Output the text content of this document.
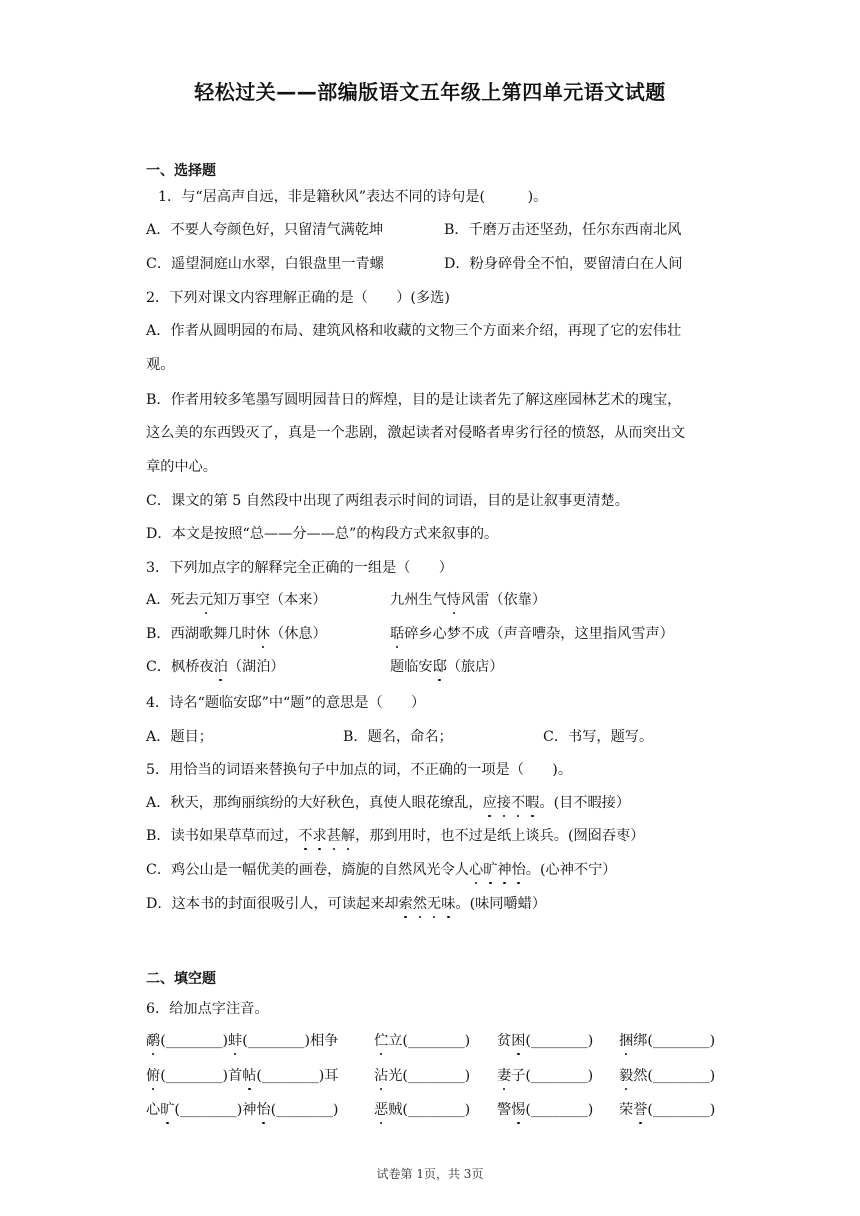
轻松过关——部编版语文五年级上第四单元语文试题
一、选择题
1．与“居高声自远，非是籍秋风”表达不同的诗句是(　　　)。
A．不要人夸颜色好，只留清气满乾坤	B．千磨万击还坚劲，任尔东西南北风
C．遥望洞庭山水翠，白银盘里一青螺	D．粉身碎骨全不怕，要留清白在人间
2．下列对课文内容理解正确的是（　　）(多选)
A．作者从圆明园的布局、建筑风格和收藏的文物三个方面来介绍，再现了它的宏伟壮
观。
B．作者用较多笔墨写圆明园昔日的辉煌，目的是让读者先了解这座园林艺术的瑰宝，
这么美的东西毁灭了，真是一个悲剧，激起读者对侵略者卑劣行径的愤怒，从而突出文
章的中心。
C．课文的第 5 自然段中出现了两组表示时间的词语，目的是让叙事更清楚。
D．本文是按照“总——分——总”的构段方式来叙事的。
3．下列加点字的解释完全正确的一组是（　　）
A．死去元知万事空（本来）	九州生气恃风雷（依靠）
B．西湖歌舞几时休（休息）	聒碎乡心梦不成（声音嘈杂，这里指风雪声）
C．枫桥夜泊（湖泊）	题临安邸（旅店）
4．诗名“题临安邸”中“题”的意思是（　　）
A．题目；	B．题名，命名；	C．书写，题写。
5．用恰当的词语来替换句子中加点的词，不正确的一项是（　　)。
A．秋天，那绚丽缤纷的大好秋色，真使人眼花缭乱，应接不暇。(目不暇接）
B．读书如果草草而过，不求甚解，那到用时，也不过是纸上谈兵。(囫囵吞枣）
C．鸡公山是一幅优美的画卷，旖旎的自然风光令人心旷神怡。(心神不宁）
D．这本书的封面很吸引人，可读起来却索然无味。(味同嚼蜡）
二、填空题
6．给加点字注音。
鹬(________)蚌(________)相争	伫立(________) 贫困(________) 捆绑(________)
俯(________)首帖(________)耳	沾光(________) 妻子(________) 毅然(________)
心旷(________)神怡(________)	恶贼(________) 警惕(________) 荣誉(________)
试卷第 1页，共 3页
